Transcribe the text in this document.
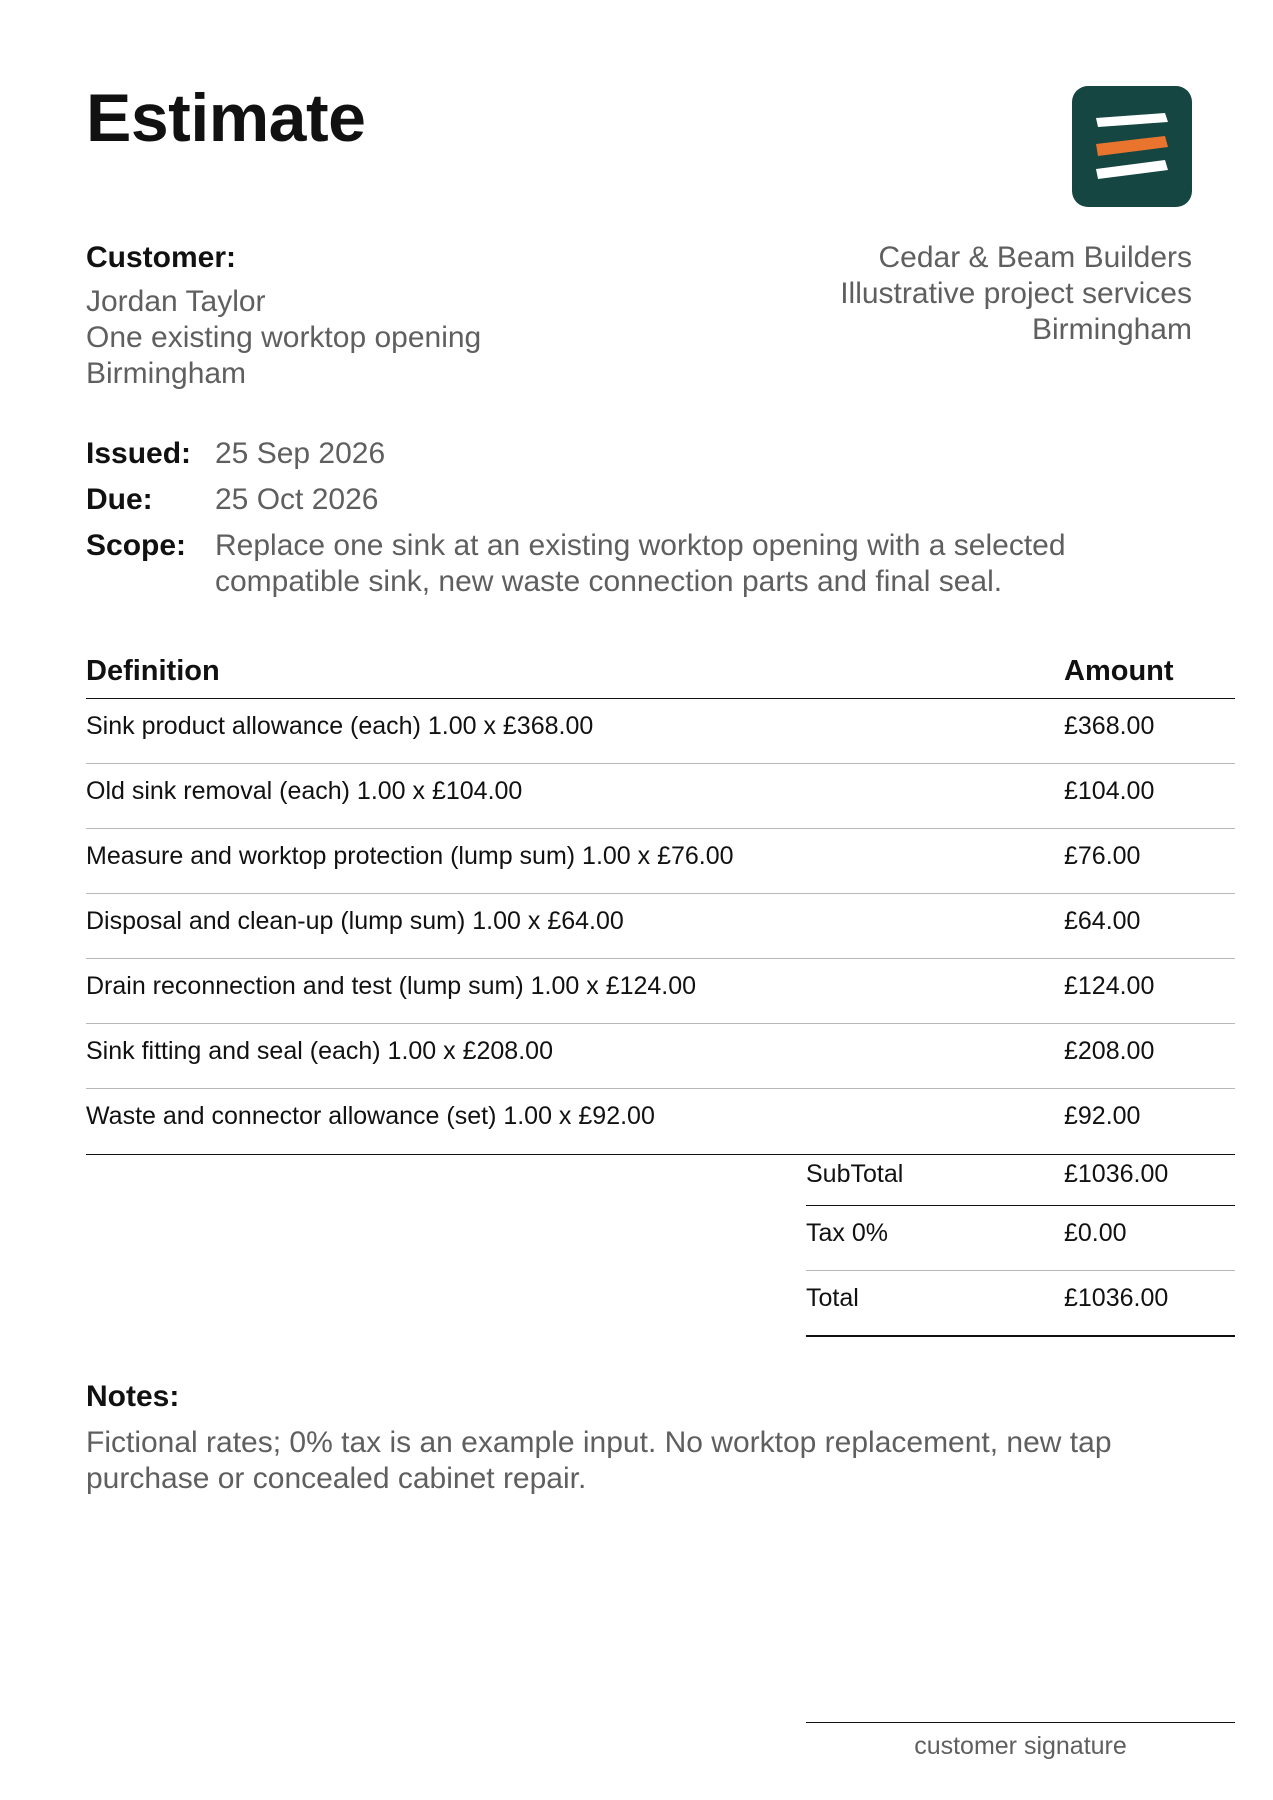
Estimate
Customer:
Jordan Taylor
One existing worktop opening
Birmingham
Cedar & Beam Builders
Illustrative project services
Birmingham
Issued: 25 Sep 2026
Due:	25 Oct 2026
Scope: Replace one sink at an existing worktop opening with a selected compatible sink, new waste connection parts and final seal.
Definition	Amount
Sink product allowance (each) 1.00 x £368.00	£368.00
Old sink removal (each) 1.00 x £104.00	£104.00
Measure and worktop protection (lump sum) 1.00 x £76.00	£76.00
Disposal and clean-up (lump sum) 1.00 x £64.00	£64.00
Drain reconnection and test (lump sum) 1.00 x £124.00	£124.00
Sink fitting and seal (each) 1.00 x £208.00	£208.00
Waste and connector allowance (set) 1.00 x £92.00	£92.00
SubTotal	£1036.00
Tax 0%	£0.00
Total	£1036.00
Notes:
Fictional rates; 0% tax is an example input. No worktop replacement, new tap purchase or concealed cabinet repair.
customer signature
